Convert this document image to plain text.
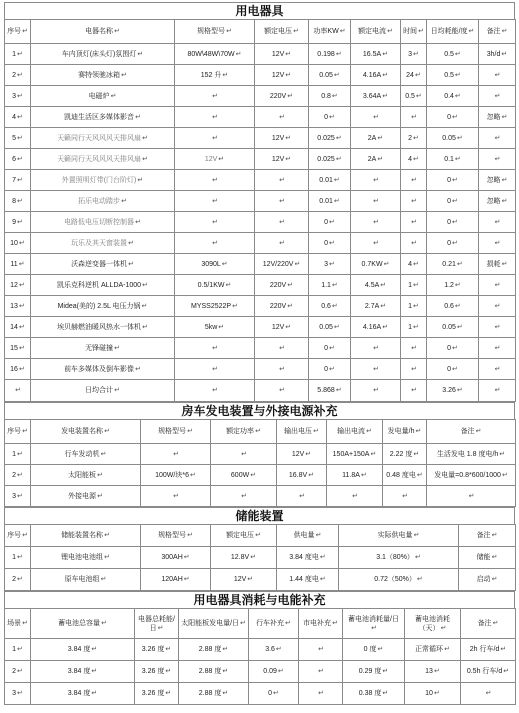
用电器具
序号↵	电器名称↵	规格型号↵	额定电压↵	功率KW↵	额定电流↵	时间↵	日均耗能/度↵	备注↵
1↵	车内顶灯(床头灯)氛围灯↵	80W\48W\70W↵	12V↵	0.198↵	16.5A↵	3↵	0.5↵	3h/d↵
2↵	赛特领驰冰箱↵	152 升↵	12V↵	0.05↵	4.16A↵	24↵	0.5↵	↵
3↵	电磁炉↵	↵	220V↵	0.8↵	3.64A↵	0.5↵	0.4↵	↵
4↵	凯迪生活区多媒体影音↵	↵	↵	0↵	↵	↵	0↵	忽略↵
5↵	天籁同行天风风风天排风扇↵	↵	12V↵	0.025↵	2A↵	2↵	0.05↵	↵
6↵	天籁同行天风风风天排风扇↵	12V↵	12V↵	0.025↵	2A↵	4↵	0.1↵	↵
7↵	外置照明灯带(门台阶灯)↵	↵	↵	0.01↵	↵	↵	0↵	忽略↵
8↵	拓乐电动踏步↵	↵	↵	0.01↵	↵	↵	0↵	忽略↵
9↵	电路低电压切断控制器↵	↵	↵	0↵	↵	↵	0↵	↵
10↵	玩乐及其天窗装置↵	↵	↵	0↵	↵	↵	0↵	↵
11↵	沃森逆变器一体机↵	3090L↵	12V/220V↵	3↵	0.7KW↵	4↵	0.21↵	损耗↵
12↵	凯乐克科逆机 ALLDA-1000↵	0.5/1KW↵	220V↵	1.1↵	4.5A↵	1↵	1.2↵	↵
13↵	Midea(美的) 2.5L 电压力锅↵	MYSS2522P↵	220V↵	0.6↵	2.7A↵	1↵	0.6↵	↵
14↵	埃贝赫燃油暖风热水一体机↵	5kw↵	12V↵	0.05↵	4.16A↵	1↵	0.05↵	↵
15↵	无锋碰撞↵	↵	↵	0↵	↵	↵	0↵	↵
16↵	前车多媒体及倒车影像↵	↵	↵	0↵	↵	↵	0↵	↵
↵	日均合计↵	↵	↵	5.868↵	↵	↵	3.26↵	↵
房车发电装置与外接电源补充
序号↵	发电装置名称↵	规格型号↵	额定功率↵	输出电压↵	输出电流↵	发电量/h↵	备注↵
1↵	行车发动机↵	↵	↵	12V↵	150A+150A↵	2.22 度↵	生活发电 1.8 度电/h↵
2↵	太阳能板↵	100W/块*6↵	600W↵	16.8V↵	11.8A↵	0.48 度电↵	发电量=0.8*600/1000↵
3↵	外接电源↵	↵	↵	↵	↵	↵	↵
储能装置
序号↵	储能装置名称↵	规格型号↵	额定电压↵	供电量↵	实际供电量↵	备注↵
1↵	锂电池电池组↵	300AH↵	12.8V↵	3.84 度电↵	3.1（80%）↵	储能↵
2↵	原车电池组↵	120AH↵	12V↵	1.44 度电↵	0.72（50%）↵	启动↵
用电器具消耗与电能补充
场景↵	蓄电池总容量↵	电器总耗能/日↵	太阳能板发电量/日↵	行车补充↵	市电补充↵	蓄电池消耗量/日↵	蓄电池消耗（天）↵	备注↵
1↵	3.84 度↵	3.26 度↵	2.88 度↵	3.6↵	↵	0 度↵	正常循环↵	2h 行车/d↵
2↵	3.84 度↵	3.26 度↵	2.88 度↵	0.09↵	↵	0.29 度↵	13↵	0.5h 行车/d↵
3↵	3.84 度↵	3.26 度↵	2.88 度↵	0↵	↵	0.38 度↵	10↵	↵
